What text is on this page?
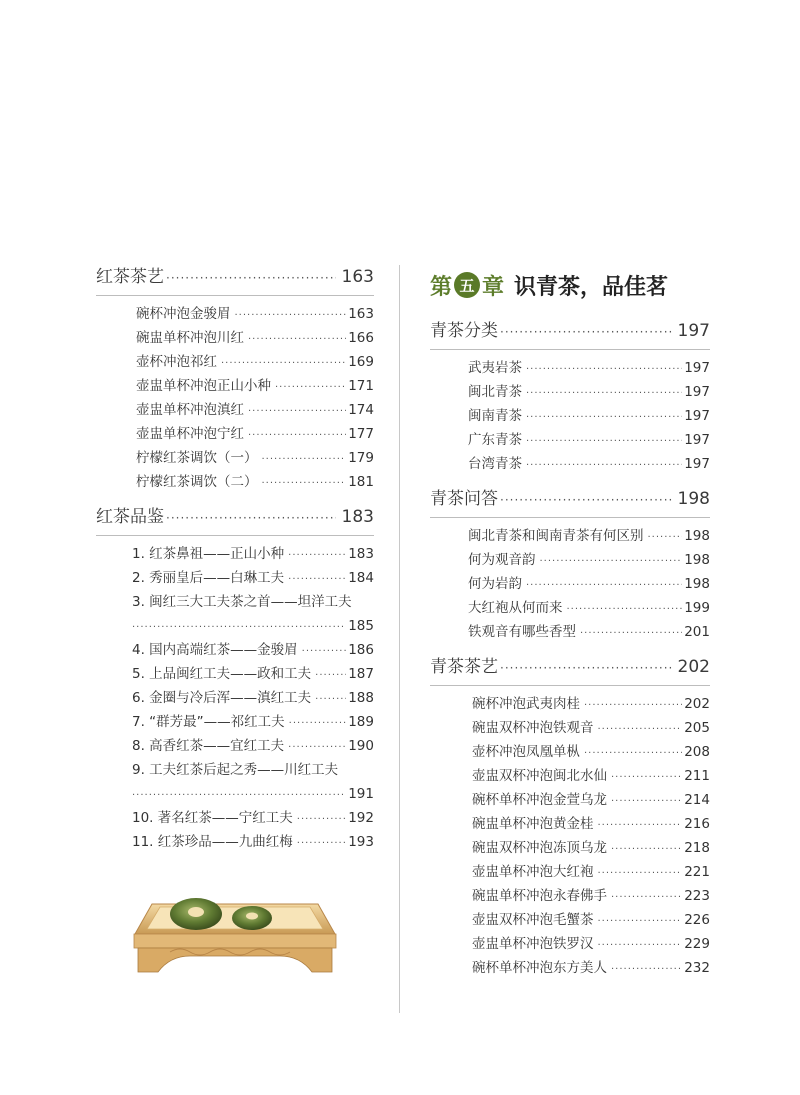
红茶茶艺 ·····	163
碗杯冲泡金骏眉 ·····	163
碗盅单杯冲泡川红 ·····	166
壶杯冲泡祁红 ·····	169
壶盅单杯冲泡正山小种 ·····	171
壶盅单杯冲泡滇红 ·····	174
壶盅单杯冲泡宁红 ·····	177
柠檬红茶调饮（一） ·····	179
柠檬红茶调饮（二） ·····	181
红茶品鉴 ·····	183
1. 红茶鼻祖——正山小种 ·····	183
2. 秀丽皇后——白琳工夫 ·····	184
3. 闽红三大工夫茶之首——坦洋工夫
·····
185
4. 国内高端红茶——金骏眉 ·····	186
5. 上品闽红工夫——政和工夫 ·····	187
6. 金圈与冷后浑——滇红工夫 ·····	188
7. “群芳最”——祁红工夫 ·····	189
8. 高香红茶——宜红工夫 ·····	190
9. 工夫红茶后起之秀——川红工夫
·····
191
10. 著名红茶——宁红工夫 ·····	192
11. 红茶珍品——九曲红梅 ·····	193
第 五 章 识青茶，品佳茗
青茶分类 ·····	197
武夷岩茶 ·····	197
闽北青茶 ·····	197
闽南青茶 ·····	197
广东青茶 ·····	197
台湾青茶 ·····	197
青茶问答 ·····	198
闽北青茶和闽南青茶有何区别 ·····	198
何为观音韵 ·····	198
何为岩韵 ·····	198
大红袍从何而来 ·····	199
铁观音有哪些香型 ·····	201
青茶茶艺 ·····	202
碗杯冲泡武夷肉桂 ·····	202
碗盅双杯冲泡铁观音 ·····	205
壶杯冲泡凤凰单枞 ·····	208
壶盅双杯冲泡闽北水仙 ·····	211
碗杯单杯冲泡金萱乌龙 ·····	214
碗盅单杯冲泡黄金桂 ·····	216
碗盅双杯冲泡冻顶乌龙 ·····	218
壶盅单杯冲泡大红袍 ·····	221
碗盅单杯冲泡永春佛手 ·····	223
壶盅双杯冲泡毛蟹茶 ·····	226
壶盅单杯冲泡铁罗汉 ·····	229
碗杯单杯冲泡东方美人 ·····	232
